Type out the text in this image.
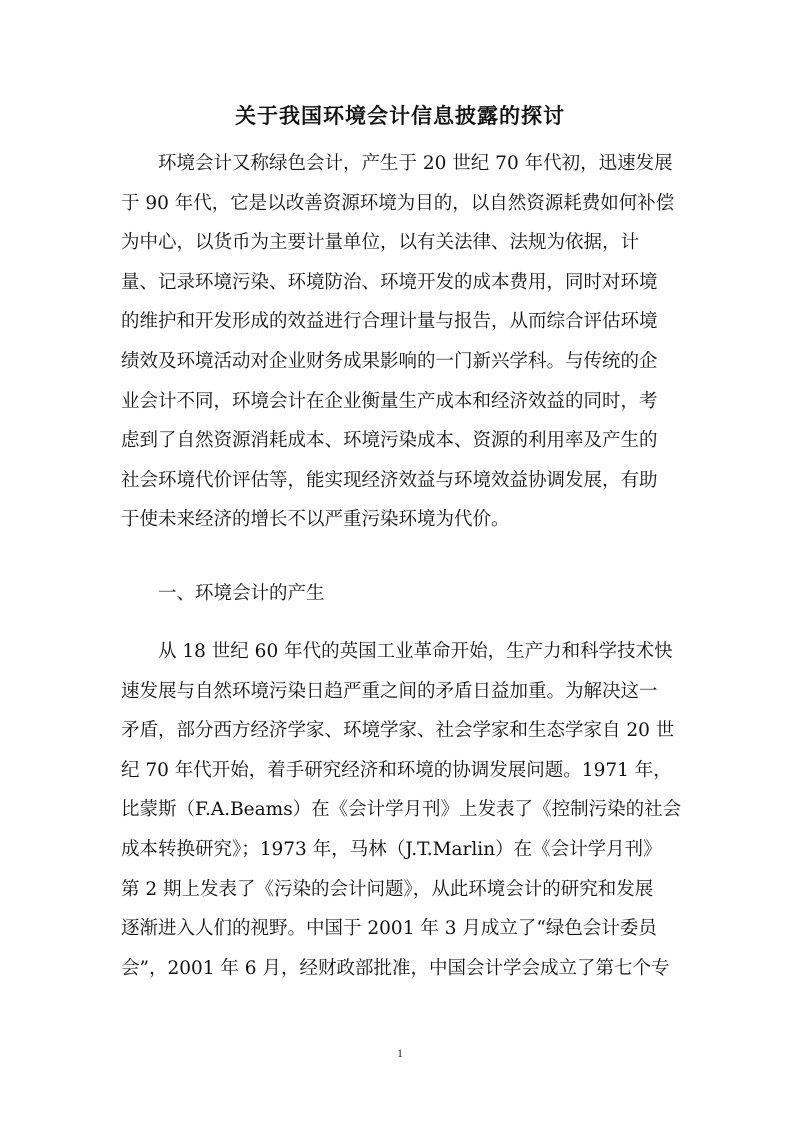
关于我国环境会计信息披露的探讨
环境会计又称绿色会计，产生于 20 世纪 70 年代初，迅速发展
于 90 年代，它是以改善资源环境为目的，以自然资源耗费如何补偿
为中心，以货币为主要计量单位，以有关法律、法规为依据，计
量、记录环境污染、环境防治、环境开发的成本费用，同时对环境
的维护和开发形成的效益进行合理计量与报告，从而综合评估环境
绩效及环境活动对企业财务成果影响的一门新兴学科。与传统的企
业会计不同，环境会计在企业衡量生产成本和经济效益的同时，考
虑到了自然资源消耗成本、环境污染成本、资源的利用率及产生的
社会环境代价评估等，能实现经济效益与环境效益协调发展，有助
于使未来经济的增长不以严重污染环境为代价。
一、环境会计的产生
从 18 世纪 60 年代的英国工业革命开始，生产力和科学技术快
速发展与自然环境污染日趋严重之间的矛盾日益加重。为解决这一
矛盾，部分西方经济学家、环境学家、社会学家和生态学家自 20 世
纪 70 年代开始，着手研究经济和环境的协调发展问题。1971 年，
比蒙斯（F.A.Beams）在《会计学月刊》上发表了《控制污染的社会
成本转换研究》；1973 年，马林（J.T.Marlin）在《会计学月刊》
第 2 期上发表了《污染的会计问题》，从此环境会计的研究和发展
逐渐进入人们的视野。中国于 2001 年 3 月成立了“绿色会计委员
会”，2001 年 6 月，经财政部批准，中国会计学会成立了第七个专
1
